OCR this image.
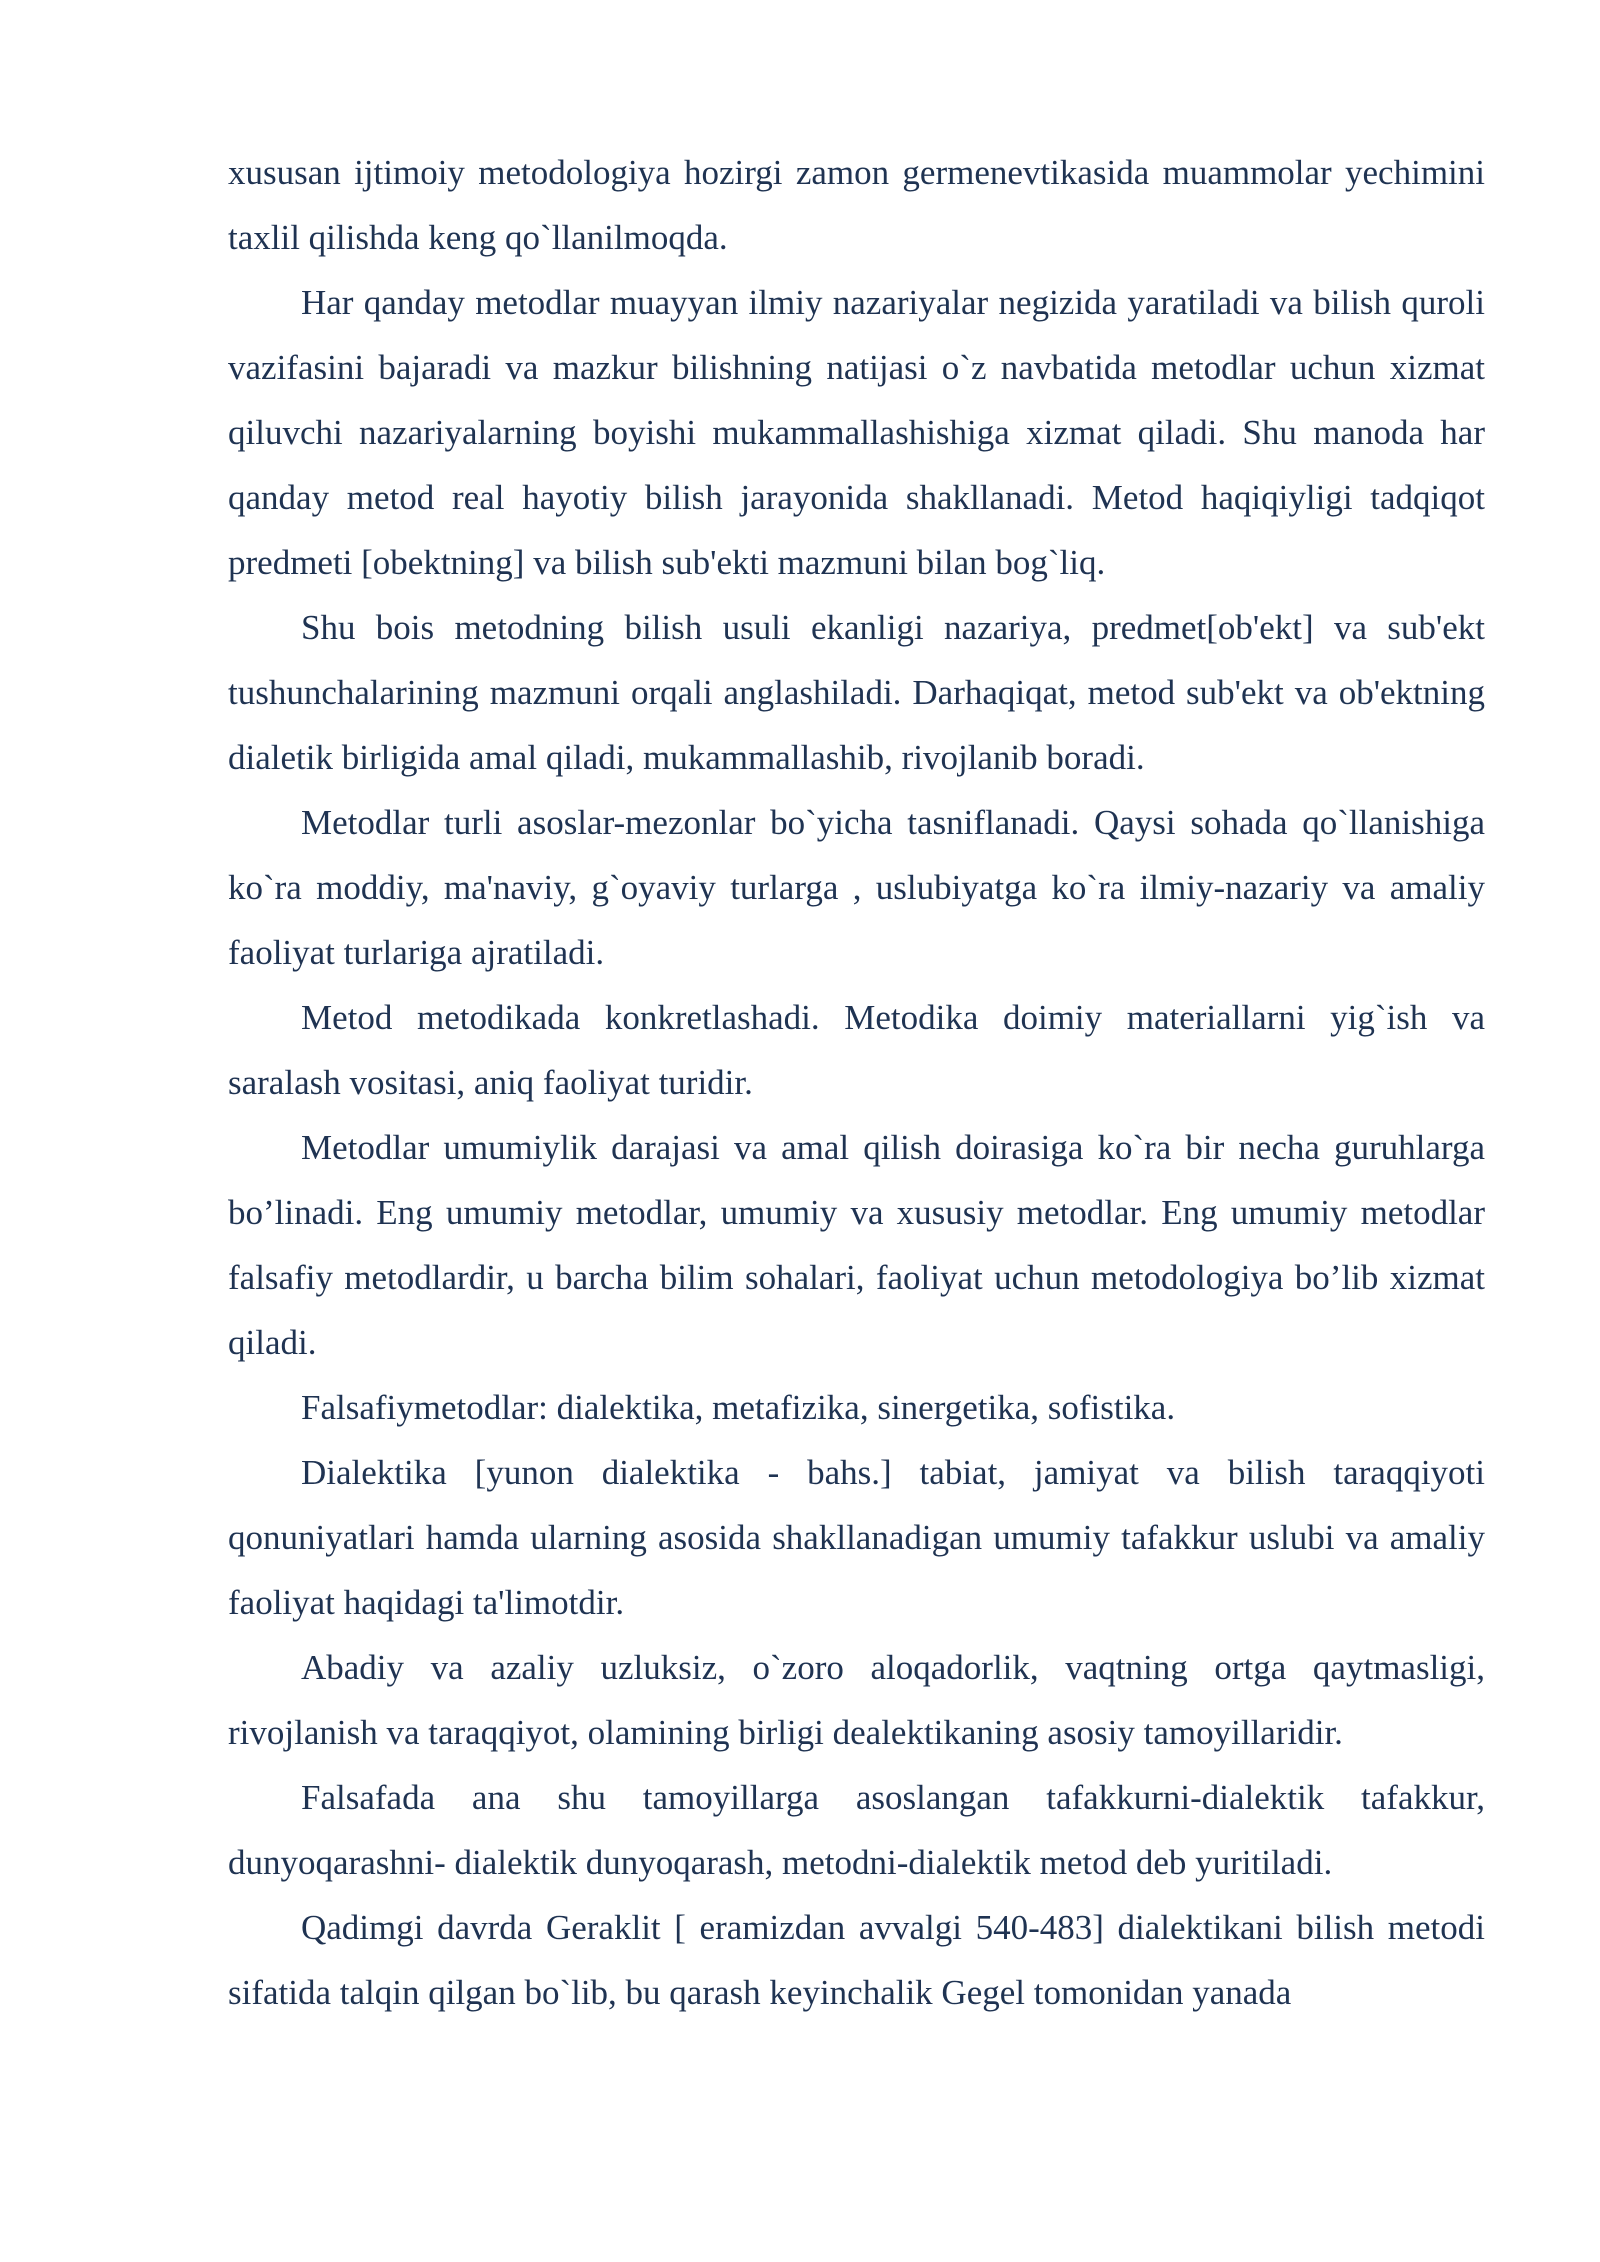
xususan ijtimoiy metodologiya hozirgi zamon germenevtikasida muammolar yechimini taxlil qilishda keng qo`llanilmoqda.

Har qanday metodlar muayyan ilmiy nazariyalar negizida yaratiladi va bilish quroli vazifasini bajaradi va mazkur bilishning natijasi o`z navbatida metodlar uchun xizmat qiluvchi nazariyalarning boyishi mukammallashishiga xizmat qiladi. Shu manoda har qanday metod real hayotiy bilish jarayonida shakllanadi. Metod haqiqiyligi tadqiqot predmeti [obektning] va bilish sub'ekti mazmuni bilan bog`liq.

Shu bois metodning bilish usuli ekanligi nazariya, predmet[ob'ekt] va sub'ekt tushunchalarining mazmuni orqali anglashiladi. Darhaqiqat, metod sub'ekt va ob'ektning dialetik birligida amal qiladi, mukammallashib, rivojlanib boradi.

Metodlar turli asoslar-mezonlar bo`yicha tasniflanadi. Qaysi sohada qo`llanishiga ko`ra moddiy, ma'naviy, g`oyaviy turlarga , uslubiyatga ko`ra ilmiy-nazariy va amaliy faoliyat turlariga ajratiladi.

Metod metodikada konkretlashadi. Metodika doimiy materiallarni yig`ish va saralash vositasi, aniq faoliyat turidir.

Metodlar umumiylik darajasi va amal qilish doirasiga ko`ra bir necha guruhlarga bo’linadi. Eng umumiy metodlar, umumiy va xususiy metodlar. Eng umumiy metodlar falsafiy metodlardir, u barcha bilim sohalari, faoliyat uchun metodologiya bo’lib xizmat qiladi.

Falsafiymetodlar: dialektika, metafizika, sinergetika, sofistika.

Dialektika [yunon dialektika - bahs.] tabiat, jamiyat va bilish taraqqiyoti qonuniyatlari hamda ularning asosida shakllanadigan umumiy tafakkur uslubi va amaliy faoliyat haqidagi ta'limotdir.

Abadiy va azaliy uzluksiz, o`zoro aloqadorlik, vaqtning ortga qaytmasligi, rivojlanish va taraqqiyot, olamining birligi dealektikaning asosiy tamoyillaridir.

Falsafada ana shu tamoyillarga asoslangan tafakkurni-dialektik tafakkur, dunyoqarashni- dialektik dunyoqarash, metodni-dialektik metod deb yuritiladi.

Qadimgi davrda Geraklit [ eramizdan avvalgi 540-483] dialektikani bilish metodi sifatida talqin qilgan bo`lib, bu qarash keyinchalik Gegel tomonidan yanada
